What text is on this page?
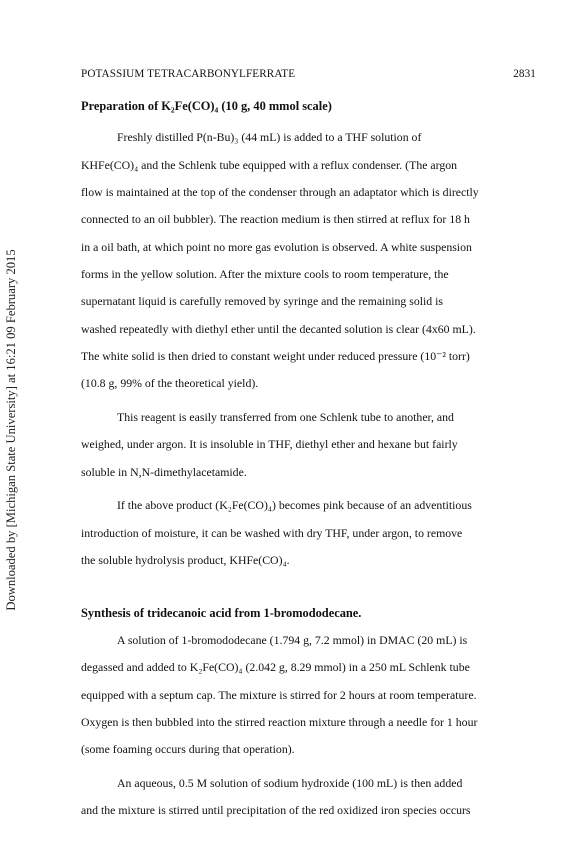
POTASSIUM TETRACARBONYLFERRATE	2831
Downloaded by [Michigan State University] at 16:21 09 February 2015
Preparation of K₂Fe(CO)₄ (10 g, 40 mmol scale)
Freshly distilled P(n-Bu)₃ (44 mL) is added to a THF solution of
KHFe(CO)₄ and the Schlenk tube equipped with a reflux condenser. (The argon
flow is maintained at the top of the condenser through an adaptator which is directly
connected to an oil bubbler). The reaction medium is then stirred at reflux for 18 h
in a oil bath, at which point no more gas evolution is observed. A white suspension
forms in the yellow solution. After the mixture cools to room temperature, the
supernatant liquid is carefully removed by syringe and the remaining solid is
washed repeatedly with diethyl ether until the decanted solution is clear (4x60 mL).
The white solid is then dried to constant weight under reduced pressure (10⁻² torr)
(10.8 g, 99% of the theoretical yield).
This reagent is easily transferred from one Schlenk tube to another, and
weighed, under argon. It is insoluble in THF, diethyl ether and hexane but fairly
soluble in N,N-dimethylacetamide.
If the above product (K₂Fe(CO)₄) becomes pink because of an adventitious
introduction of moisture, it can be washed with dry THF, under argon, to remove
the soluble hydrolysis product, KHFe(CO)₄.
Synthesis of tridecanoic acid from 1-bromododecane.
A solution of 1-bromododecane (1.794 g, 7.2 mmol) in DMAC (20 mL) is
degassed and added to K₂Fe(CO)₄ (2.042 g, 8.29 mmol) in a 250 mL Schlenk tube
equipped with a septum cap. The mixture is stirred for 2 hours at room temperature.
Oxygen is then bubbled into the stirred reaction mixture through a needle for 1 hour
(some foaming occurs during that operation).
An aqueous, 0.5 M solution of sodium hydroxide (100 mL) is then added
and the mixture is stirred until precipitation of the red oxidized iron species occurs
